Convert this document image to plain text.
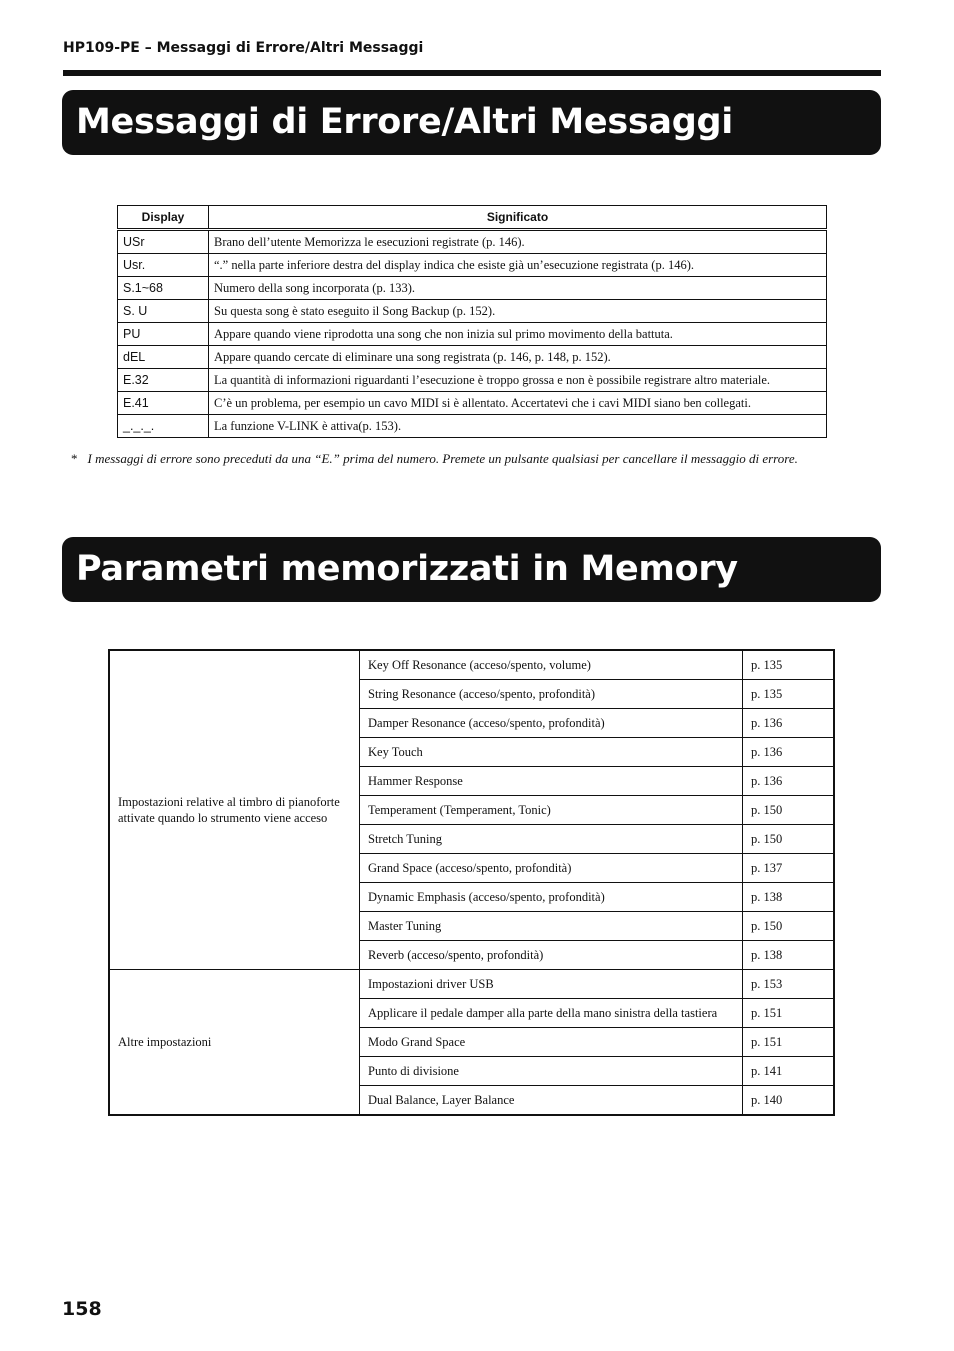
HP109-PE – Messaggi di Errore/Altri Messaggi
Messaggi di Errore/Altri Messaggi
Display	Significato
USr	Brano dell’utente Memorizza le esecuzioni registrate (p. 146).
Usr.	“.” nella parte inferiore destra del display indica che esiste già un’esecuzione registrata (p. 146).
S.1~68	Numero della song incorporata (p. 133).
S. U	Su questa song è stato eseguito il Song Backup (p. 152).
PU	Appare quando viene riprodotta una song che non inizia sul primo movimento della battuta.
dEL	Appare quando cercate di eliminare una song registrata (p. 146, p. 148, p. 152).
E.32	La quantità di informazioni riguardanti l’esecuzione è troppo grossa e non è possibile registrare altro materiale.
E.41	C’è un problema, per esempio un cavo MIDI si è allentato. Accertatevi che i cavi MIDI siano ben collegati.
_._._.	La funzione V-LINK è attiva(p. 153).
* I messaggi di errore sono preceduti da una “E.” prima del numero. Premete un pulsante qualsiasi per cancellare il messaggio di errore.
Parametri memorizzati in Memory Backup
Impostazioni relative al timbro di pianoforte attivate quando lo strumento viene acceso	Key Off Resonance (acceso/spento, volume)	p. 135
	String Resonance (acceso/spento, profondità)	p. 135
	Damper Resonance (acceso/spento, profondità)	p. 136
	Key Touch	p. 136
	Hammer Response	p. 136
	Temperament (Temperament, Tonic)	p. 150
	Stretch Tuning	p. 150
	Grand Space (acceso/spento, profondità)	p. 137
	Dynamic Emphasis (acceso/spento, profondità)	p. 138
	Master Tuning	p. 150
	Reverb (acceso/spento, profondità)	p. 138
Altre impostazioni	Impostazioni driver USB	p. 153
	Applicare il pedale damper alla parte della mano sinistra della tastiera	p. 151
	Modo Grand Space	p. 151
	Punto di divisione	p. 141
	Dual Balance, Layer Balance	p. 140
158
